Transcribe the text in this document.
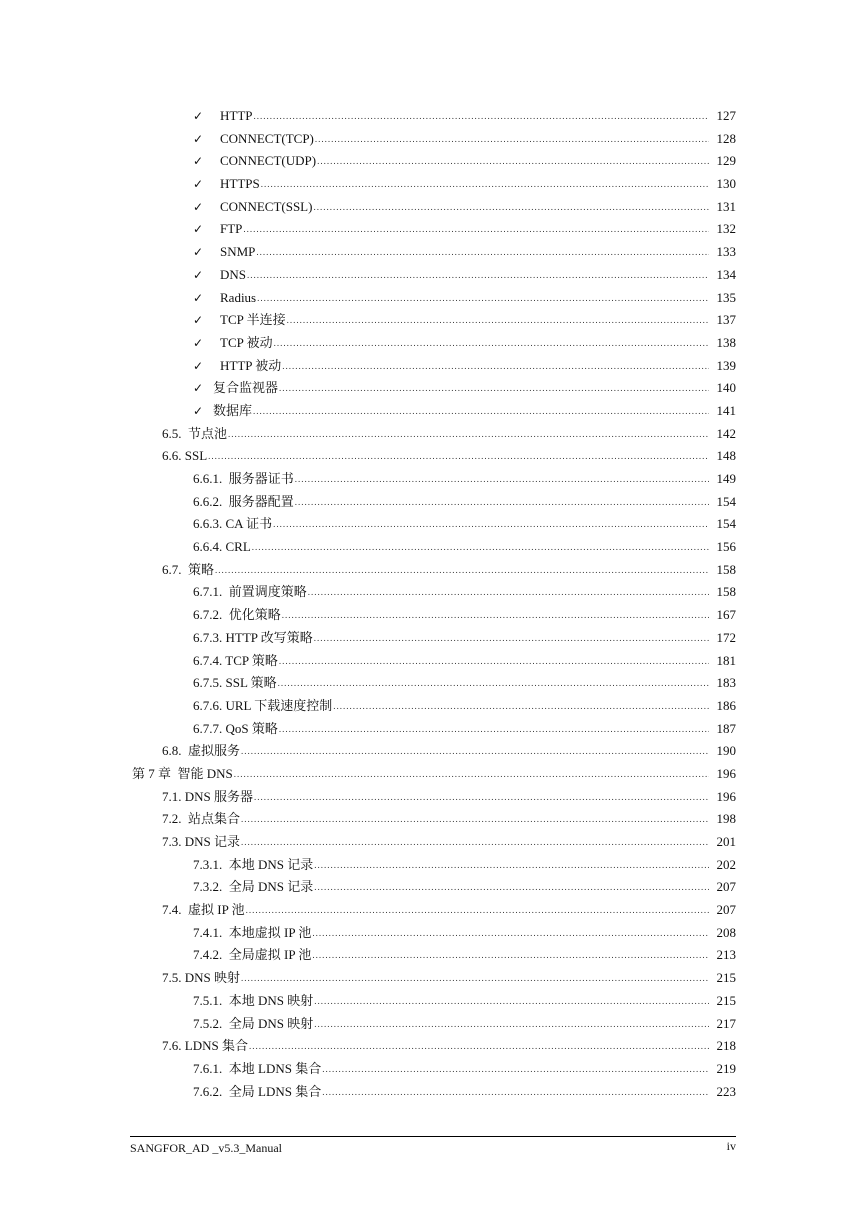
✓	HTTP .....	127
✓	CONNECT(TCP) .....	128
✓	CONNECT(UDP) .....	129
✓	HTTPS .....	130
✓	CONNECT(SSL) .....	131
✓	FTP .....	132
✓	SNMP .....	133
✓	DNS .....	134
✓	Radius .....	135
✓	TCP 半连接 .....	137
✓	TCP 被动 .....	138
✓	HTTP 被动 .....	139
✓ 复合监视器 .....	140
✓ 数据库 .....	141
6.5.  节点池 .....	142
6.6. SSL .....	148
6.6.1.  服务器证书 .....	149
6.6.2.  服务器配置 .....	154
6.6.3. CA 证书 .....	154
6.6.4. CRL .....	156
6.7.  策略 .....	158
6.7.1.  前置调度策略 .....	158
6.7.2.  优化策略 .....	167
6.7.3. HTTP 改写策略 .....	172
6.7.4. TCP 策略 .....	181
6.7.5. SSL 策略 .....	183
6.7.6. URL 下载速度控制 .....	186
6.7.7. QoS 策略 .....	187
6.8.  虚拟服务 .....	190
第 7 章  智能 DNS .....	196
7.1. DNS 服务器 .....	196
7.2.  站点集合 .....	198
7.3. DNS 记录 .....	201
7.3.1.  本地 DNS 记录 .....	202
7.3.2.  全局 DNS 记录 .....	207
7.4.  虚拟 IP 池 .....	207
7.4.1.  本地虚拟 IP 池 .....	208
7.4.2.  全局虚拟 IP 池 .....	213
7.5. DNS 映射 .....	215
7.5.1.  本地 DNS 映射 .....	215
7.5.2.  全局 DNS 映射 .....	217
7.6. LDNS 集合 .....	218
7.6.1.  本地 LDNS 集合 .....	219
7.6.2.  全局 LDNS 集合 .....	223
SANGFOR_AD _v5.3_Manual	iv
